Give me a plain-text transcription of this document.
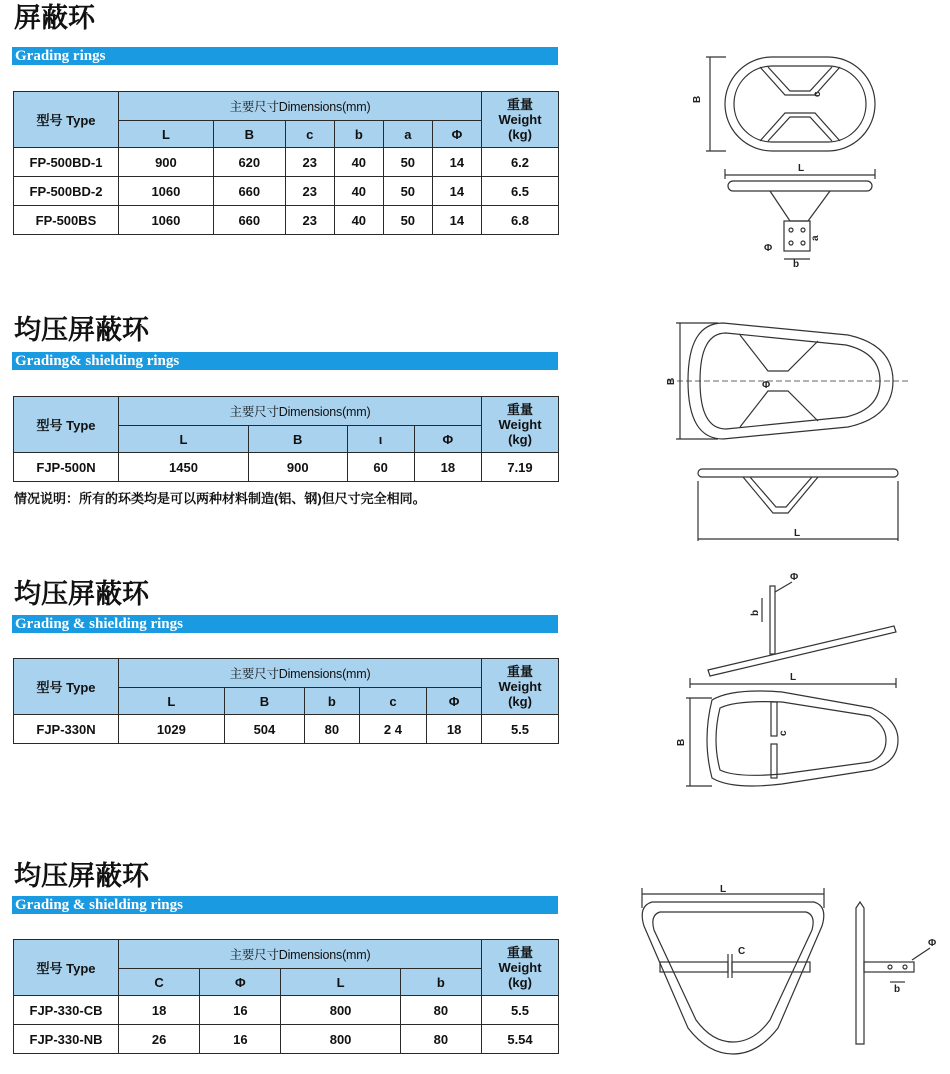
屏蔽环
Grading rings
型号 Type	主要尺寸Dimensions(mm)						重量
Weight
(kg)

	L	B	c	b	a	Φ	
FP-500BD-1	900	620	23	40	50	14	6.2
FP-500BD-2	1060	660	23	40	50	14	6.5
FP-500BS	1060	660	23	40	50	14	6.8
B
c
L
b
a
Φ
均压屏蔽环
Grading& shielding rings
型号 Type	主要尺寸Dimensions(mm)				重量
Weight
(kg)

	L	B	ι	Φ	
FJP-500N	1450	900	60	18	7.19
情况说明：所有的环类均是可以两种材料制造(铝、钢)但尺寸完全相同。
B	Φ
L
均压屏蔽环
Grading & shielding rings
型号 Type	主要尺寸Dimensions(mm)					重量
Weight
(kg)

	L	B	b	c	Φ	
FJP-330N	1029	504	80	2 4	18	5.5
b
Φ
L
B
c
均压屏蔽环
Grading & shielding rings
型号 Type	主要尺寸Dimensions(mm)				重量
Weight
(kg)

	C	Φ	L	b	
FJP-330-CB	18	16	800	80	5.5
FJP-330-NB	26	16	800	80	5.54
L
C
b
Φ
